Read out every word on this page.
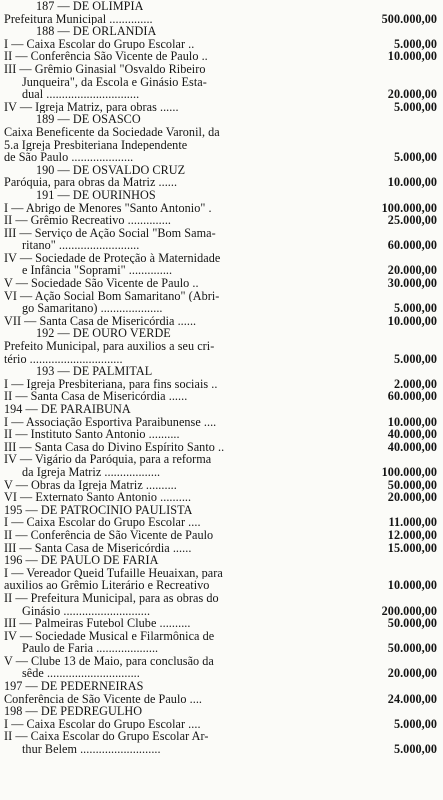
187 — DE OLIMPIA
Prefeitura Municipal ..............	500.000,00
188 — DE ORLANDIA
I — Caixa Escolar do Grupo Escolar ..	5.000,00
II — Conferência São Vicente de Paulo ..	10.000,00
III — Grêmio Ginasial "Osvaldo Ribeiro
Junqueira", da Escola e Ginásio Esta-
dual ..............................	20.000,00
IV — Igreja Matriz, para obras ......	5.000,00
189 — DE OSASCO
Caixa Beneficente da Sociedade Varonil, da
5.a Igreja Presbiteriana Independente
de São Paulo ....................	5.000,00
190 — DE OSVALDO CRUZ
Paróquia, para obras da Matriz ......	10.000,00
191 — DE OURINHOS
I — Abrigo de Menores "Santo Antonio" .	100.000,00
II — Grêmio Recreativo ..............	25.000,00
III — Serviço de Ação Social "Bom Sama-
ritano" ..........................	60.000,00
IV — Sociedade de Proteção à Maternidade
e Infância "Soprami" ..............	20.000,00
V — Sociedade São Vicente de Paulo ..	30.000,00
VI — Ação Social Bom Samaritano" (Abri-
go Samaritano) ....................	5.000,00
VII — Santa Casa de Misericórdia ......	10.000,00
192 — DE OURO VERDE
Prefeito Municipal, para auxilios a seu cri-
tério ..............................	5.000,00
193 — DE PALMITAL
I — Igreja Presbiteriana, para fins sociais ..	2.000,00
II — Santa Casa de Misericórdia ......	60.000,00
194 — DE PARAIBUNA
I — Associação Esportiva Paraibunense ....	10.000,00
II — Instituto Santo Antonio ..........	40.000,00
III — Santa Casa do Divino Espírito Santo ..	40.000,00
IV — Vigário da Paróquia, para a reforma
da Igreja Matriz ..................	100.000,00
V — Obras da Igreja Matriz ..........	50.000,00
VI — Externato Santo Antonio ..........	20.000,00
195 — DE PATROCINIO PAULISTA
I — Caixa Escolar do Grupo Escolar ....	11.000,00
II — Conferência de São Vicente de Paulo	12.000,00
III — Santa Casa de Misericórdia ......	15.000,00
196 — DE PAULO DE FARIA
I — Vereador Queid Tufaille Heuaixan, para
auxilios ao Grêmio Literário e Recreativo	10.000,00
II — Prefeitura Municipal, para as obras do
Ginásio ............................	200.000,00
III — Palmeiras Futebol Clube ..........	50.000,00
IV — Sociedade Musical e Filarmônica de
Paulo de Faria ....................	50.000,00
V — Clube 13 de Maio, para conclusão da
sêde ..............................	20.000,00
197 — DE PEDERNEIRAS
Conferência de São Vicente de Paulo ....	24.000,00
198 — DE PEDREGULHO
I — Caixa Escolar do Grupo Escolar ....	5.000,00
II — Caixa Escolar do Grupo Escolar Ar-
thur Belem ..........................	5.000,00
